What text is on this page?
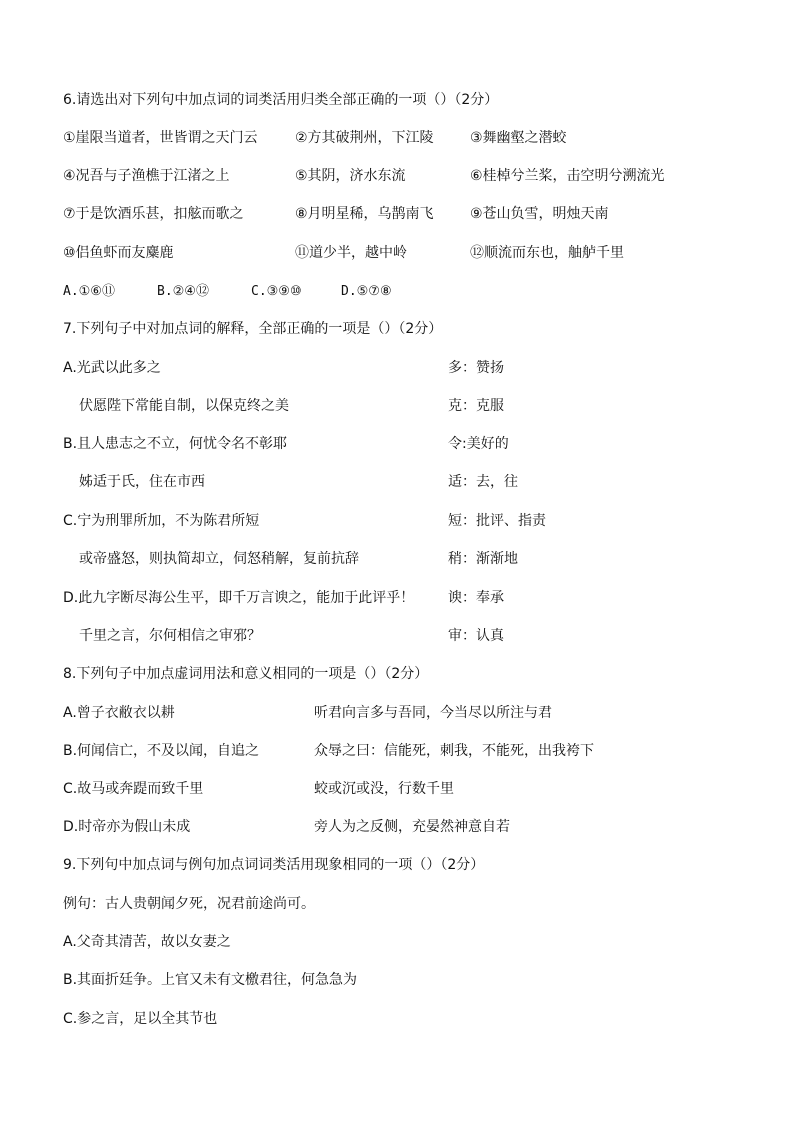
6.请选出对下列句中加点词的词类活用归类全部正确的一项（）（2分）
①崖限当道者，世皆谓之天门云	②方其破荆州，下江陵	③舞幽壑之潜蛟
④况吾与子渔樵于江渚之上	⑤其阴，济水东流	⑥桂棹兮兰桨，击空明兮溯流光
⑦于是饮酒乐甚，扣舷而歌之	⑧月明星稀，乌鹊南飞	⑨苍山负雪，明烛天南
⑩侣鱼虾而友麋鹿	⑪道少半，越中岭	⑫顺流而东也，舳舻千里
A.①⑥⑪	B.②④⑫	C.③⑨⑩	D.⑤⑦⑧
7.下列句子中对加点词的解释，全部正确的一项是（）（2分）
A.光武以此多之	多：赞扬
伏愿陛下常能自制，以保克终之美	克：克服
B.且人患志之不立，何忧令名不彰耶	令:美好的
姊适于氏，住在市西	适：去，往
C.宁为刑罪所加，不为陈君所短	短：批评、指责
或帝盛怒，则执简却立，伺怒稍解，复前抗辞	稍：渐渐地
D.此九字断尽海公生平，即千万言谀之，能加于此评乎！ 谀：奉承
千里之言，尔何相信之审邪？	审：认真
8.下列句子中加点虚词用法和意义相同的一项是（）（2分）
A.曾子衣敝衣以耕	听君向言多与吾同，今当尽以所注与君
B.何闻信亡，不及以闻，自追之	众辱之曰：信能死，刺我，不能死，出我袴下
C.故马或奔踶而致千里	蛟或沉或没，行数千里
D.时帝亦为假山未成	旁人为之反侧，充晏然神意自若
9.下列句中加点词与例句加点词词类活用现象相同的一项（）（2分）
例句：古人贵朝闻夕死，况君前途尚可。
A.父奇其清苦，故以女妻之
B.其面折廷争。上官又未有文檄君往，何急急为
C.参之言，足以全其节也
